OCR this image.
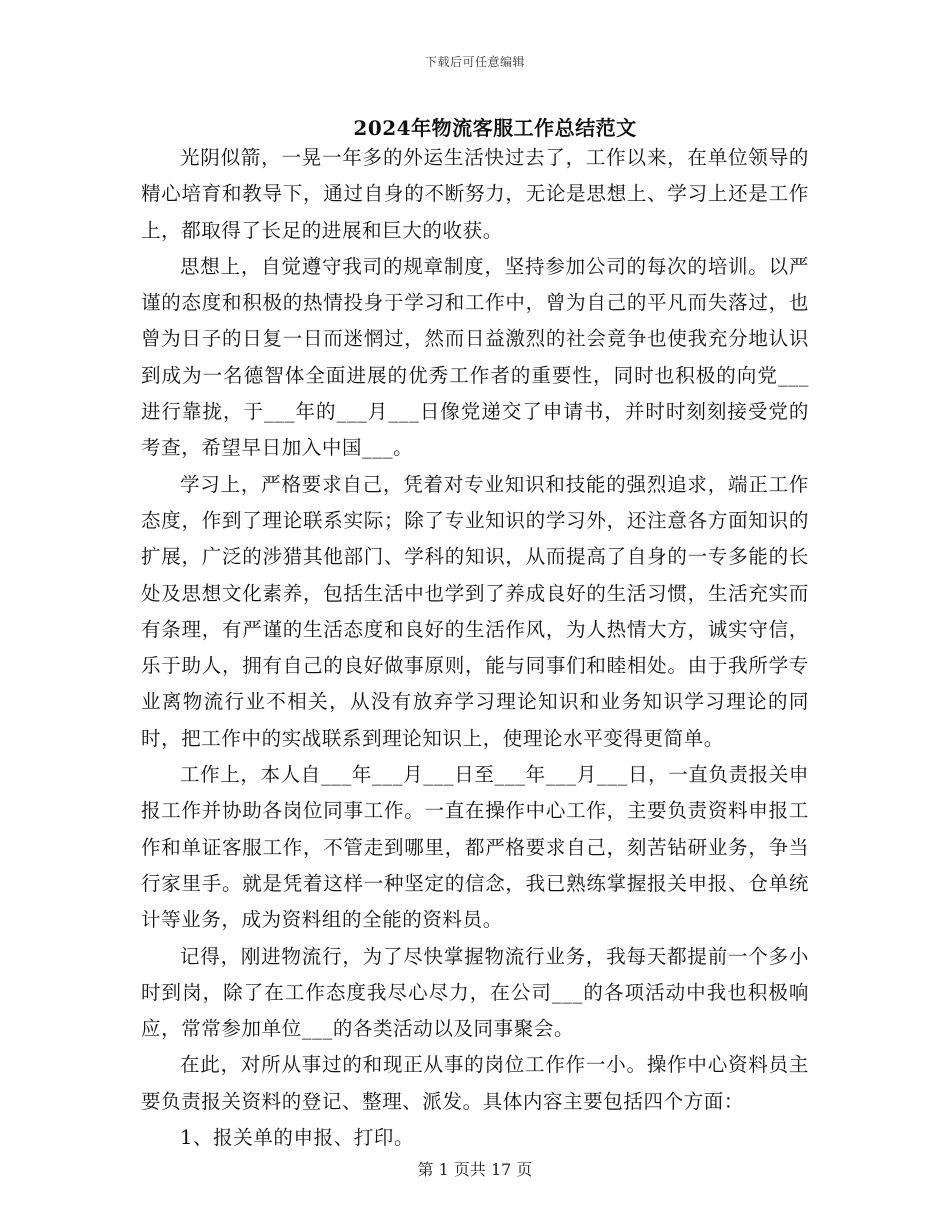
下载后可任意编辑
2024年物流客服工作总结范文

光阴似箭，一晃一年多的外运生活快过去了，工作以来，在单位领导的精心培育和教导下，通过自身的不断努力，无论是思想上、学习上还是工作上，都取得了长足的进展和巨大的收获。

思想上，自觉遵守我司的规章制度，坚持参加公司的每次的培训。以严谨的态度和积极的热情投身于学习和工作中，曾为自己的平凡而失落过，也曾为日子的日复一日而迷惘过，然而日益激烈的社会竟争也使我充分地认识到成为一名德智体全面进展的优秀工作者的重要性，同时也积极的向党___进行靠拢，于___年的___月___日像党递交了申请书，并时时刻刻接受党的考查，希望早日加入中国___。

学习上，严格要求自己，凭着对专业知识和技能的强烈追求，端正工作态度，作到了理论联系实际；除了专业知识的学习外，还注意各方面知识的扩展，广泛的涉猎其他部门、学科的知识，从而提高了自身的一专多能的长处及思想文化素养，包括生活中也学到了养成良好的生活习惯，生活充实而有条理，有严谨的生活态度和良好的生活作风，为人热情大方，诚实守信，乐于助人，拥有自己的良好做事原则，能与同事们和睦相处。由于我所学专业离物流行业不相关，从没有放弃学习理论知识和业务知识学习理论的同时，把工作中的实战联系到理论知识上，使理论水平变得更简单。

工作上，本人自___年___月___日至___年___月___日，一直负责报关申报工作并协助各岗位同事工作。一直在操作中心工作，主要负责资料申报工作和单证客服工作，不管走到哪里，都严格要求自己，刻苦钻研业务，争当行家里手。就是凭着这样一种坚定的信念，我已熟练掌握报关申报、仓单统计等业务，成为资料组的全能的资料员。

记得，刚进物流行，为了尽快掌握物流行业务，我每天都提前一个多小时到岗，除了在工作态度我尽心尽力，在公司___的各项活动中我也积极响应，常常参加单位___的各类活动以及同事聚会。

在此，对所从事过的和现正从事的岗位工作作一小。操作中心资料员主要负责报关资料的登记、整理、派发。具体内容主要包括四个方面：

1、报关单的申报、打印。

第 1 页共 17 页
